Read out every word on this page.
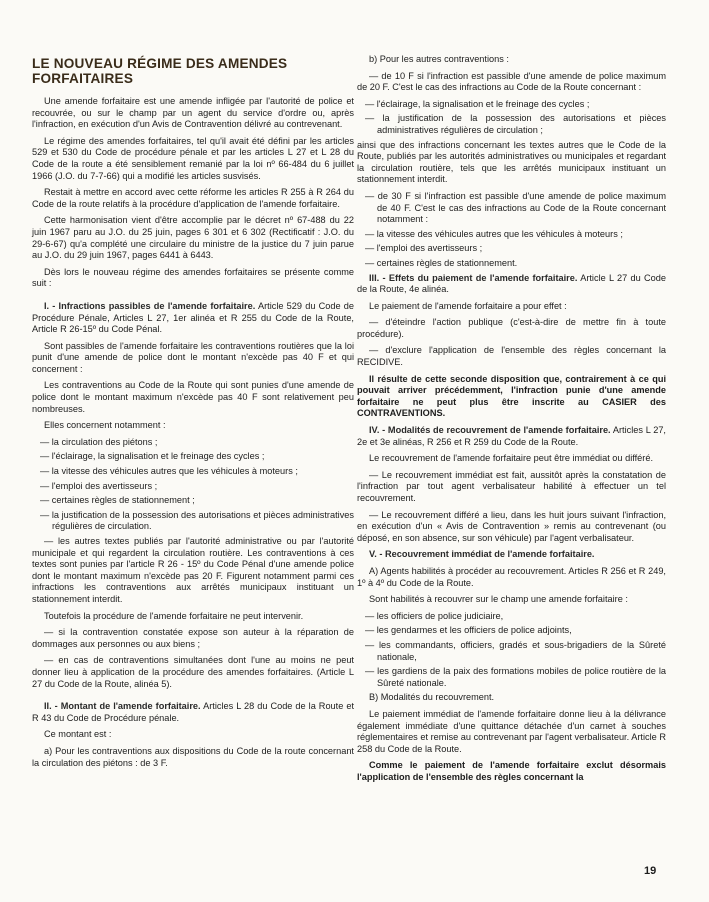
LE NOUVEAU RÉGIME DES AMENDES FORFAITAIRES

Une amende forfaitaire est une amende infligée par l'autorité de police et recouvrée, ou sur le champ par un agent du service d'ordre ou, après l'infraction, en exécution d'un Avis de Contravention délivré au contrevenant.

Le régime des amendes forfaitaires, tel qu'il avait été défini par les articles 529 et 530 du Code de procédure pénale et par les articles L 27 et L 28 du Code de la route a été sensiblement remanié par la loi nº 66-484 du 6 juillet 1966 (J.O. du 7-7-66) qui a modifié les articles susvisés.

Restait à mettre en accord avec cette réforme les articles R 255 à R 264 du Code de la route relatifs à la procédure d'application de l'amende forfaitaire.

Cette harmonisation vient d'être accomplie par le décret nº 67-488 du 22 juin 1967 paru au J.O. du 25 juin, pages 6 301 et 6 302 (Rectificatif : J.O. du 29-6-67) qu'a complété une circulaire du ministre de la justice du 7 juin parue au J.O. du 29 juin 1967, pages 6441 à 6443.

Dès lors le nouveau régime des amendes forfaitaires se présente comme suit :

I. - Infractions passibles de l'amende forfaitaire. Article 529 du Code de Procédure Pénale, Articles L 27, 1er alinéa et R 255 du Code de la Route, Article R 26-15º du Code Pénal.

Sont passibles de l'amende forfaitaire les contraventions routières que la loi punit d'une amende de police dont le montant n'excède pas 40 F et qui concernent :

Les contraventions au Code de la Route qui sont punies d'une amende de police dont le montant maximum n'excède pas 40 F sont relativement peu nombreuses.

Elles concernent notamment :

— la circulation des piétons ;
— l'éclairage, la signalisation et le freinage des cycles ;
— la vitesse des véhicules autres que les véhicules à moteurs ;
— l'emploi des avertisseurs ;
— certaines règles de stationnement ;
— la justification de la possession des autorisations et pièces administratives régulières de circulation.

— les autres textes publiés par l'autorité administrative ou par l'autorité municipale et qui regardent la circulation routière. Les contraventions à ces textes sont punies par l'article R 26 - 15º du Code Pénal d'une amende police dont le montant maximum n'excède pas 20 F. Figurent notamment parmi ces infractions les contraventions aux arrêtés municipaux instituant un stationnement interdit.

Toutefois la procédure de l'amende forfaitaire ne peut intervenir.

— si la contravention constatée expose son auteur à la réparation de dommages aux personnes ou aux biens ;

— en cas de contraventions simultanées dont l'une au moins ne peut donner lieu à application de la procédure des amendes forfaitaires. (Article L 27 du Code de la Route, alinéa 5).

II. - Montant de l'amende forfaitaire. Articles L 28 du Code de la Route et R 43 du Code de Procédure pénale.

Ce montant est :

a) Pour les contraventions aux dispositions du Code de la route concernant la circulation des piétons : de 3 F.

b) Pour les autres contraventions :

— de 10 F si l'infraction est passible d'une amende de police maximum de 20 F. C'est le cas des infractions au Code de la Route concernant :

— l'éclairage, la signalisation et le freinage des cycles ;
— la justification de la possession des autorisations et pièces administratives régulières de circulation ;

ainsi que des infractions concernant les textes autres que le Code de la Route, publiés par les autorités administratives ou municipales et regardant la circulation routière, tels que les arrêtés municipaux instituant un stationnement interdit.

— de 30 F si l'infraction est passible d'une amende de police maximum de 40 F. C'est le cas des infractions au Code de la Route concernant notamment :
— la vitesse des véhicules autres que les véhicules à moteurs ;
— l'emploi des avertisseurs ;
— certaines règles de stationnement.

III. - Effets du paiement de l'amende forfaitaire. Article L 27 du Code de la Route, 4e alinéa.

Le paiement de l'amende forfaitaire a pour effet :

— d'éteindre l'action publique (c'est-à-dire de mettre fin à toute procédure).

— d'exclure l'application de l'ensemble des règles concernant la RECIDIVE.

Il résulte de cette seconde disposition que, contrairement à ce qui pouvait arriver précédemment, l'infraction punie d'une amende forfaitaire ne peut plus être inscrite au CASIER des CONTRAVENTIONS.

IV. - Modalités de recouvrement de l'amende forfaitaire. Articles L 27, 2e et 3e alinéas, R 256 et R 259 du Code de la Route.

Le recouvrement de l'amende forfaitaire peut être immédiat ou différé.

— Le recouvrement immédiat est fait, aussitôt après la constatation de l'infraction par tout agent verbalisateur habilité à effectuer un tel recouvrement.

— Le recouvrement différé a lieu, dans les huit jours suivant l'infraction, en exécution d'un « Avis de Contravention » remis au contrevenant (ou déposé, en son absence, sur son véhicule) par l'agent verbalisateur.

V. - Recouvrement immédiat de l'amende forfaitaire.

A) Agents habilités à procéder au recouvrement. Articles R 256 et R 249, 1º à 4º du Code de la Route.

Sont habilités à recouvrer sur le champ une amende forfaitaire :

— les officiers de police judiciaire,
— les gendarmes et les officiers de police adjoints,
— les commandants, officiers, gradés et sous-brigadiers de la Sûreté nationale,
— les gardiens de la paix des formations mobiles de police routière de la Sûreté nationale.

B) Modalités du recouvrement.

Le paiement immédiat de l'amende forfaitaire donne lieu à la délivrance également immédiate d'une quittance détachée d'un carnet à souches réglementaires et remise au contrevenant par l'agent verbalisateur. Article R 258 du Code de la Route.

Comme le paiement de l'amende forfaitaire exclut désormais l'application de l'ensemble des règles concernant la

19
